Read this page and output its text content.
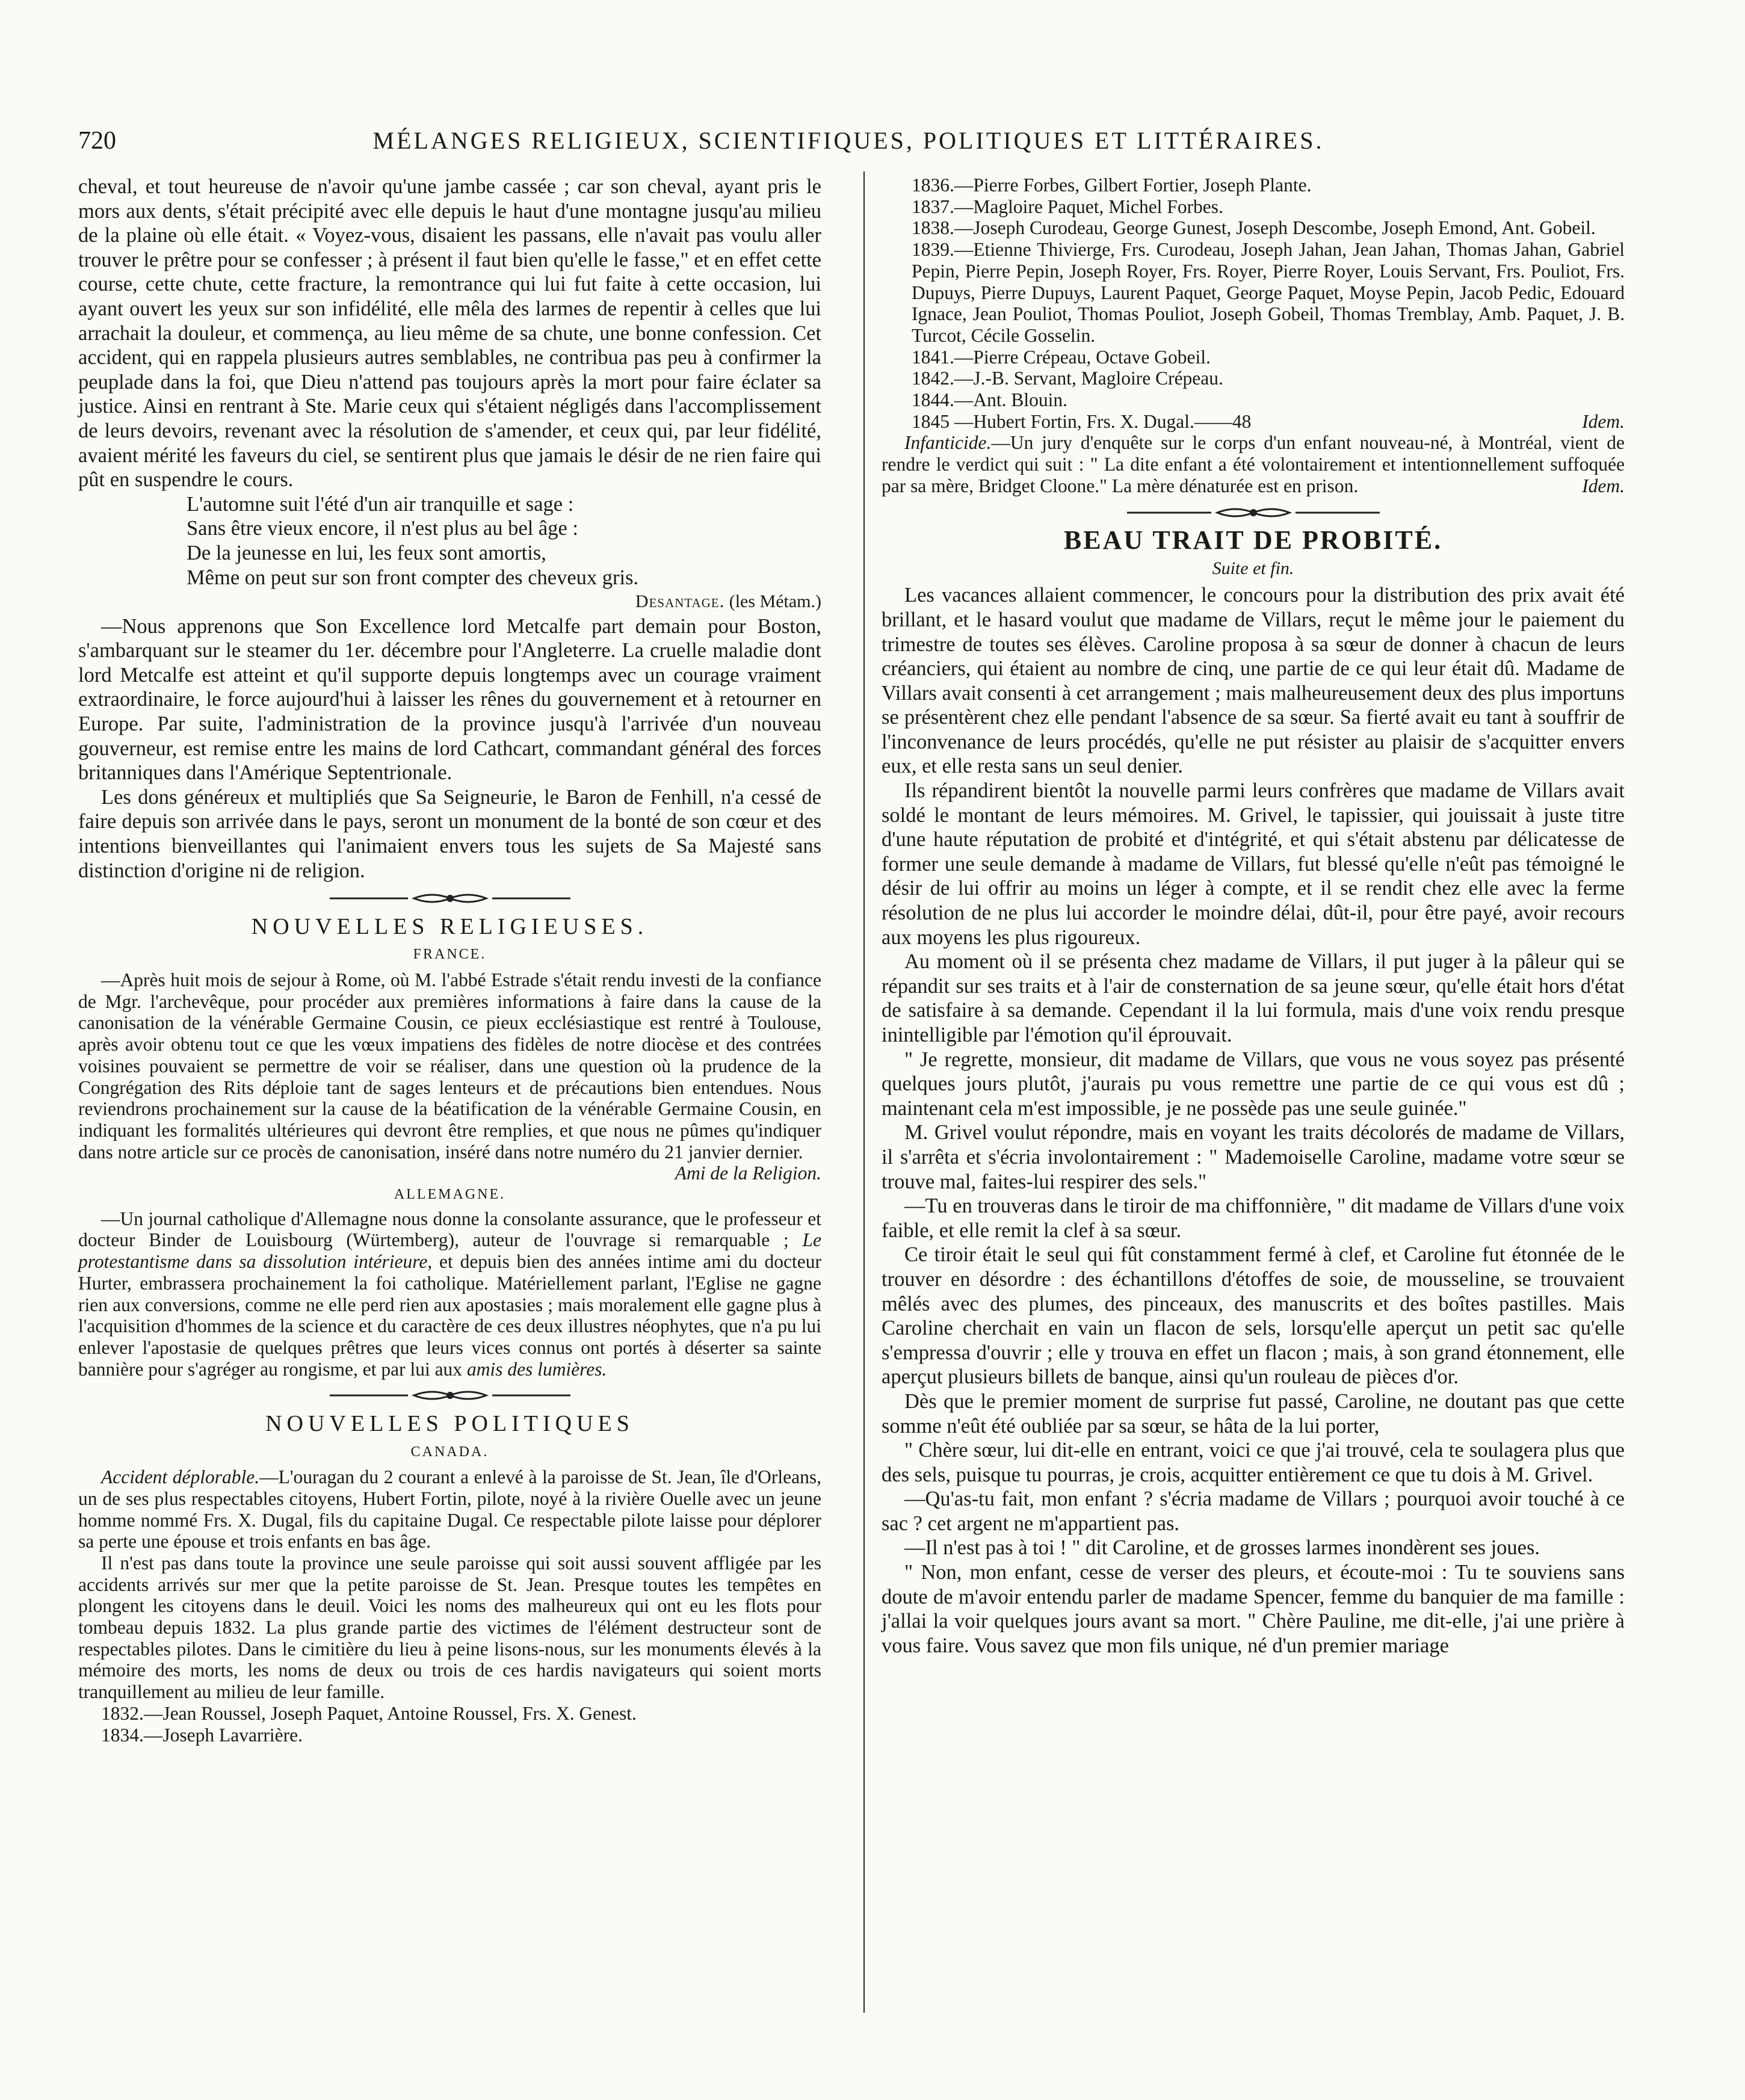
720	MÉLANGES RELIGIEUX, SCIENTIFIQUES, POLITIQUES ET LITTÉRAIRES.

cheval, et tout heureuse de n'avoir qu'une jambe cassée ; car son cheval, ayant pris le mors aux dents, s'était précipité avec elle depuis le haut d'une montagne jusqu'au milieu de la plaine où elle était. « Voyez-vous, disaient les passans, elle n'avait pas voulu aller trouver le prêtre pour se confesser ; à présent il faut bien qu'elle le fasse," et en effet cette course, cette chute, cette fracture, la remontrance qui lui fut faite à cette occasion, lui ayant ouvert les yeux sur son infidélité, elle mêla des larmes de repentir à celles que lui arrachait la douleur, et commença, au lieu même de sa chute, une bonne confession. Cet accident, qui en rappela plusieurs autres semblables, ne contribua pas peu à confirmer la peuplade dans la foi, que Dieu n'attend pas toujours après la mort pour faire éclater sa justice. Ainsi en rentrant à Ste. Marie ceux qui s'étaient négligés dans l'accomplissement de leurs devoirs, revenant avec la résolution de s'amender, et ceux qui, par leur fidélité, avaient mérité les faveurs du ciel, se sentirent plus que jamais le désir de ne rien faire qui pût en suspendre le cours.

L'automne suit l'été d'un air tranquille et sage :
Sans être vieux encore, il n'est plus au bel âge :
De la jeunesse en lui, les feux sont amortis,
Même on peut sur son front compter des cheveux gris.

Desantage. (les Métam.)

—Nous apprenons que Son Excellence lord Metcalfe part demain pour Boston, s'ambarquant sur le steamer du 1er. décembre pour l'Angleterre. La cruelle maladie dont lord Metcalfe est atteint et qu'il supporte depuis longtemps avec un courage vraiment extraordinaire, le force aujourd'hui à laisser les rênes du gouvernement et à retourner en Europe. Par suite, l'administration de la province jusqu'à l'arrivée d'un nouveau gouverneur, est remise entre les mains de lord Cathcart, commandant général des forces britanniques dans l'Amérique Septentrionale.

Les dons généreux et multipliés que Sa Seigneurie, le Baron de Fenhill, n'a cessé de faire depuis son arrivée dans le pays, seront un monument de la bonté de son cœur et des intentions bienveillantes qui l'animaient envers tous les sujets de Sa Majesté sans distinction d'origine ni de religion.

NOUVELLES RELIGIEUSES.
FRANCE.

—Après huit mois de sejour à Rome, où M. l'abbé Estrade s'était rendu investi de la confiance de Mgr. l'archevêque, pour procéder aux premières informations à faire dans la cause de la canonisation de la vénérable Germaine Cousin, ce pieux ecclésiastique est rentré à Toulouse, après avoir obtenu tout ce que les vœux impatiens des fidèles de notre diocèse et des contrées voisines pouvaient se permettre de voir se réaliser, dans une question où la prudence de la Congrégation des Rits déploie tant de sages lenteurs et de précautions bien entendues. Nous reviendrons prochainement sur la cause de la béatification de la vénérable Germaine Cousin, en indiquant les formalités ultérieures qui devront être remplies, et que nous ne pûmes qu'indiquer dans notre article sur ce procès de canonisation, inséré dans notre numéro du 21 janvier dernier.

Ami de la Religion.

ALLEMAGNE.

—Un journal catholique d'Allemagne nous donne la consolante assurance, que le professeur et docteur Binder de Louisbourg (Würtemberg), auteur de l'ouvrage si remarquable ; Le protestantisme dans sa dissolution intérieure, et depuis bien des années intime ami du docteur Hurter, embrassera prochainement la foi catholique. Matériellement parlant, l'Eglise ne gagne rien aux conversions, comme ne elle perd rien aux apostasies ; mais moralement elle gagne plus à l'acquisition d'hommes de la science et du caractère de ces deux illustres néophytes, que n'a pu lui enlever l'apostasie de quelques prêtres que leurs vices connus ont portés à déserter sa sainte bannière pour s'agréger au rongisme, et par lui aux amis des lumières.

NOUVELLES POLITIQUES
CANADA.

Accident déplorable.—L'ouragan du 2 courant a enlevé à la paroisse de St. Jean, île d'Orleans, un de ses plus respectables citoyens, Hubert Fortin, pilote, noyé à la rivière Ouelle avec un jeune homme nommé Frs. X. Dugal, fils du capitaine Dugal. Ce respectable pilote laisse pour déplorer sa perte une épouse et trois enfants en bas âge.

Il n'est pas dans toute la province une seule paroisse qui soit aussi souvent affligée par les accidents arrivés sur mer que la petite paroisse de St. Jean. Presque toutes les tempêtes en plongent les citoyens dans le deuil. Voici les noms des malheureux qui ont eu les flots pour tombeau depuis 1832. La plus grande partie des victimes de l'élément destructeur sont de respectables pilotes. Dans le cimitière du lieu à peine lisons-nous, sur les monuments élevés à la mémoire des morts, les noms de deux ou trois de ces hardis navigateurs qui soient morts tranquillement au milieu de leur famille.

1832.—Jean Roussel, Joseph Paquet, Antoine Roussel, Frs. X. Genest.

1834.—Joseph Lavarrière.

1836.—Pierre Forbes, Gilbert Fortier, Joseph Plante.

1837.—Magloire Paquet, Michel Forbes.

1838.—Joseph Curodeau, George Gunest, Joseph Descombe, Joseph Emond, Ant. Gobeil.

1839.—Etienne Thivierge, Frs. Curodeau, Joseph Jahan, Jean Jahan, Thomas Jahan, Gabriel Pepin, Pierre Pepin, Joseph Royer, Frs. Royer, Pierre Royer, Louis Servant, Frs. Pouliot, Frs. Dupuys, Pierre Dupuys, Laurent Paquet, George Paquet, Moyse Pepin, Jacob Pedic, Edouard Ignace, Jean Pouliot, Thomas Pouliot, Joseph Gobeil, Thomas Tremblay, Amb. Paquet, J. B. Turcot, Cécile Gosselin.

1841.—Pierre Crépeau, Octave Gobeil.

1842.—J.-B. Servant, Magloire Crépeau.

1844.—Ant. Blouin.

1845 —Hubert Fortin, Frs. X. Dugal.——48	Idem.

Infanticide.—Un jury d'enquête sur le corps d'un enfant nouveau-né, à Montréal, vient de rendre le verdict qui suit : " La dite enfant a été volontairement et intentionnellement suffoquée par sa mère, Bridget Cloone." La mère dénaturée est en prison.	Idem.

BEAU TRAIT DE PROBITÉ.
Suite et fin.

Les vacances allaient commencer, le concours pour la distribution des prix avait été brillant, et le hasard voulut que madame de Villars, reçut le même jour le paiement du trimestre de toutes ses élèves. Caroline proposa à sa sœur de donner à chacun de leurs créanciers, qui étaient au nombre de cinq, une partie de ce qui leur était dû. Madame de Villars avait consenti à cet arrangement ; mais malheureusement deux des plus importuns se présentèrent chez elle pendant l'absence de sa sœur. Sa fierté avait eu tant à souffrir de l'inconvenance de leurs procédés, qu'elle ne put résister au plaisir de s'acquitter envers eux, et elle resta sans un seul denier.

Ils répandirent bientôt la nouvelle parmi leurs confrères que madame de Villars avait soldé le montant de leurs mémoires. M. Grivel, le tapissier, qui jouissait à juste titre d'une haute réputation de probité et d'intégrité, et qui s'était abstenu par délicatesse de former une seule demande à madame de Villars, fut blessé qu'elle n'eût pas témoigné le désir de lui offrir au moins un léger à compte, et il se rendit chez elle avec la ferme résolution de ne plus lui accorder le moindre délai, dût-il, pour être payé, avoir recours aux moyens les plus rigoureux.

Au moment où il se présenta chez madame de Villars, il put juger à la pâleur qui se répandit sur ses traits et à l'air de consternation de sa jeune sœur, qu'elle était hors d'état de satisfaire à sa demande. Cependant il la lui formula, mais d'une voix rendu presque inintelligible par l'émotion qu'il éprouvait.

" Je regrette, monsieur, dit madame de Villars, que vous ne vous soyez pas présenté quelques jours plutôt, j'aurais pu vous remettre une partie de ce qui vous est dû ; maintenant cela m'est impossible, je ne possède pas une seule guinée."

M. Grivel voulut répondre, mais en voyant les traits décolorés de madame de Villars, il s'arrêta et s'écria involontairement : " Mademoiselle Caroline, madame votre sœur se trouve mal, faites-lui respirer des sels."

—Tu en trouveras dans le tiroir de ma chiffonnière, " dit madame de Villars d'une voix faible, et elle remit la clef à sa sœur.

Ce tiroir était le seul qui fût constamment fermé à clef, et Caroline fut étonnée de le trouver en désordre : des échantillons d'étoffes de soie, de mousseline, se trouvaient mêlés avec des plumes, des pinceaux, des manuscrits et des boîtes pastilles. Mais Caroline cherchait en vain un flacon de sels, lorsqu'elle aperçut un petit sac qu'elle s'empressa d'ouvrir ; elle y trouva en effet un flacon ; mais, à son grand étonnement, elle aperçut plusieurs billets de banque, ainsi qu'un rouleau de pièces d'or.

Dès que le premier moment de surprise fut passé, Caroline, ne doutant pas que cette somme n'eût été oubliée par sa sœur, se hâta de la lui porter,

" Chère sœur, lui dit-elle en entrant, voici ce que j'ai trouvé, cela te soulagera plus que des sels, puisque tu pourras, je crois, acquitter entièrement ce que tu dois à M. Grivel.

—Qu'as-tu fait, mon enfant ? s'écria madame de Villars ; pourquoi avoir touché à ce sac ? cet argent ne m'appartient pas.

—Il n'est pas à toi ! " dit Caroline, et de grosses larmes inondèrent ses joues.

" Non, mon enfant, cesse de verser des pleurs, et écoute-moi : Tu te souviens sans doute de m'avoir entendu parler de madame Spencer, femme du banquier de ma famille : j'allai la voir quelques jours avant sa mort. " Chère Pauline, me dit-elle, j'ai une prière à vous faire. Vous savez que mon fils unique, né d'un premier mariage
